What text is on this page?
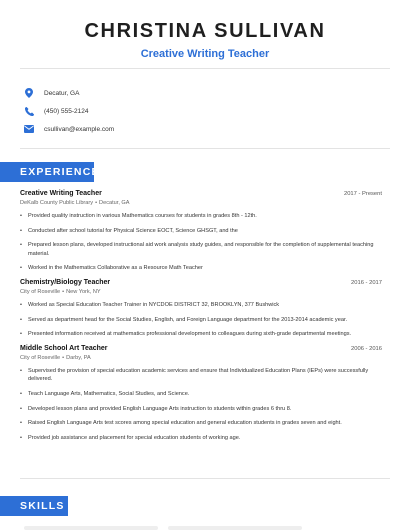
CHRISTINA SULLIVAN
Creative Writing Teacher
Decatur, GA
(450) 555-2124
csullivan@example.com
EXPERIENCE
Creative Writing Teacher	2017 - Present
DeKalb County Public Library • Decatur, GA
• Provided quality instruction in various Mathematics courses for students in grades 8th - 12th.
• Conducted after school tutorial for Physical Science EOCT, Science GHSGT, and the
• Prepared lesson plans, developed instructional aid work analysis study guides, and responsible for the completion of supplemental teaching material.
• Worked in the Mathematics Collaborative as a Resource Math Teacher
Chemistry/Biology Teacher	2016 - 2017
City of Roseville • New York, NY
• Worked as Special Education Teacher Trainer in NYCDOE DISTRICT 32, BROOKLYN, 377 Bushwick
• Served as department head for the Social Studies, English, and Foreign Language department for the 2013-2014 academic year.
• Presented information received at mathematics professional development to colleagues during sixth-grade departmental meetings.
Middle School Art Teacher	2006 - 2016
City of Roseville • Darby, PA
• Supervised the provision of special education academic services and ensure that Individualized Education Plans (IEPs) were successfully delivered.
• Teach Language Arts, Mathematics, Social Studies, and Science.
• Developed lesson plans and provided English Language Arts instruction to students within grades 6 thru 8.
• Raised English Language Arts test scores among special education and general education students in grades seven and eight.
• Provided job assistance and placement for special education students of working age.
SKILLS
